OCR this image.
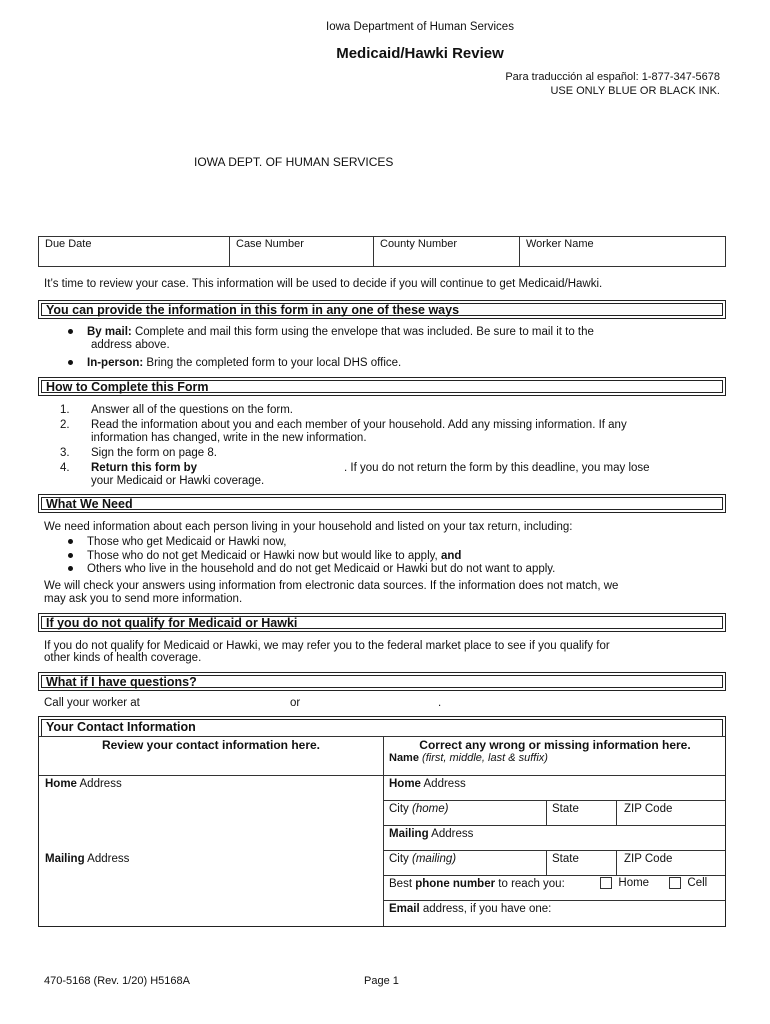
Iowa Department of Human Services
Medicaid/Hawki Review
Para traducción al español: 1-877-347-5678
USE ONLY BLUE OR BLACK INK.
IOWA DEPT. OF HUMAN SERVICES
Due Date	Case Number	County Number	Worker Name
It’s time to review your case. This information will be used to decide if you will continue to get Medicaid/Hawki.
You can provide the information in this form in any one of these ways
By mail: Complete and mail this form using the envelope that was included. Be sure to mail it to the
address above.
In-person: Bring the completed form to your local DHS office.
How to Complete this Form
1. Answer all of the questions on the form.
2. Read the information about you and each member of your household. Add any missing information. If any
information has changed, write in the new information.
3. Sign the form on page 8.
4. Return this form by	. If you do not return the form by this deadline, you may lose
your Medicaid or Hawki coverage.
What We Need
We need information about each person living in your household and listed on your tax return, including:
Those who get Medicaid or Hawki now,
Those who do not get Medicaid or Hawki now but would like to apply, and
Others who live in the household and do not get Medicaid or Hawki but do not want to apply.
We will check your answers using information from electronic data sources. If the information does not match, we
may ask you to send more information.
If you do not qualify for Medicaid or Hawki
If you do not qualify for Medicaid or Hawki, we may refer you to the federal market place to see if you qualify for
other kinds of health coverage.
What if I have questions?
Call your worker at	or	.
Your Contact Information
Review your contact information here.	Correct any wrong or missing information here.
Name (first, middle, last & suffix)
Home Address	Home Address
City (home)	State	ZIP Code
Mailing Address
Mailing Address	City (mailing)	State	ZIP Code
Best phone number to reach you:	Home	Cell
Email address, if you have one:
470-5168 (Rev. 1/20) H5168A	Page 1
